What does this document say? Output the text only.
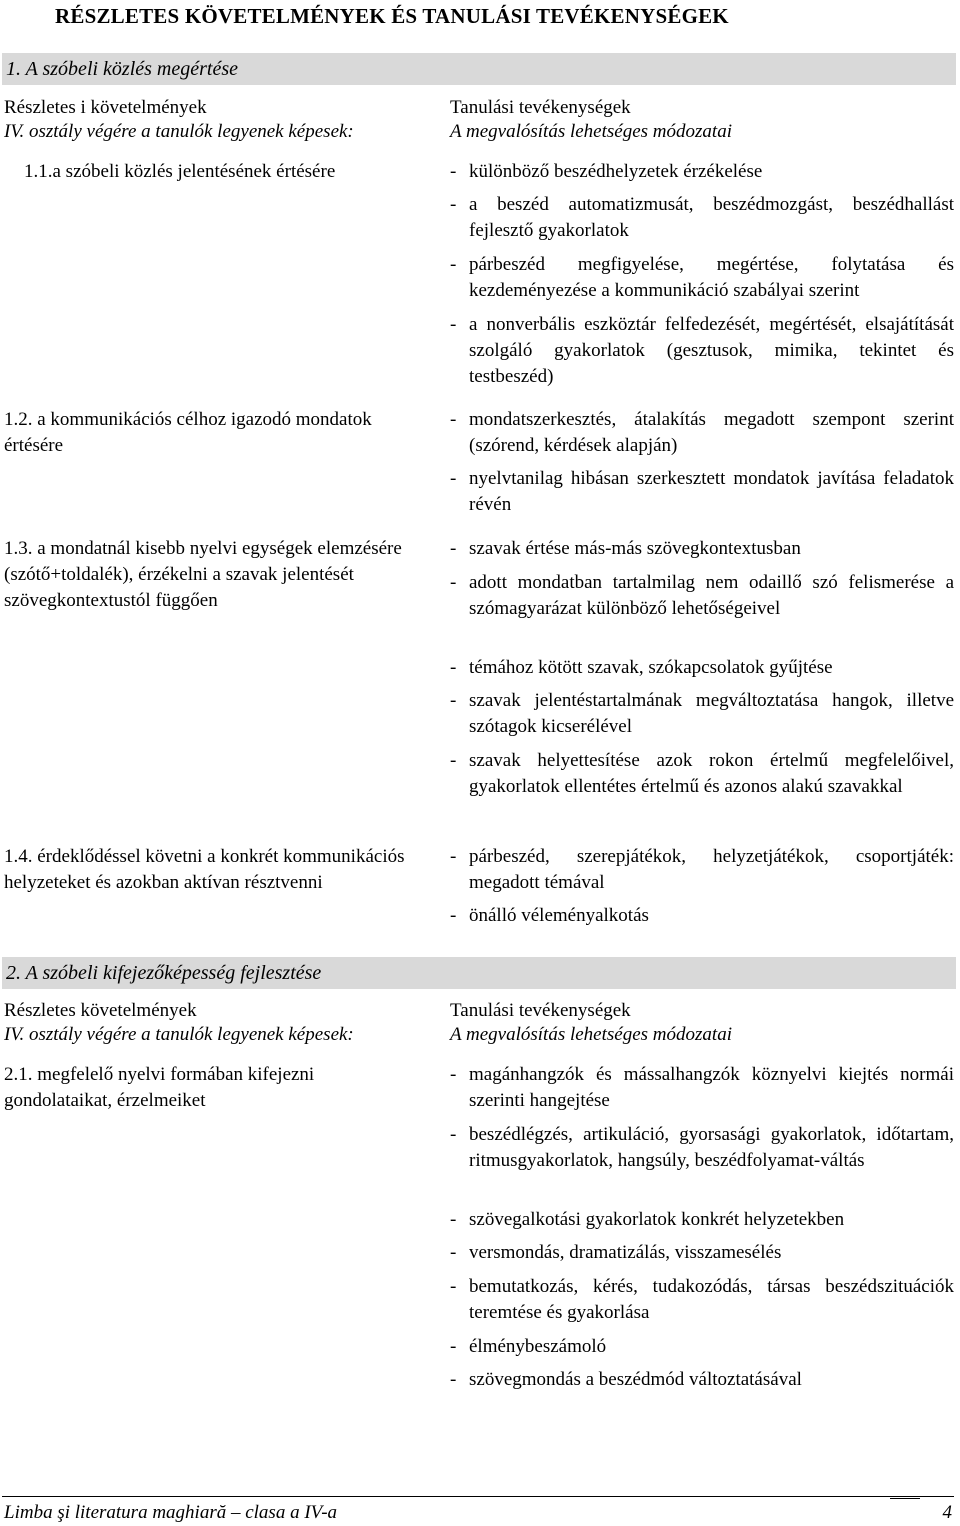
RÉSZLETES KÖVETELMÉNYEK ÉS TANULÁSI TEVÉKENYSÉGEK
1. A szóbeli közlés megértése
Részletes i követelmények
IV. osztály végére a tanulók legyenek képesek:
Tanulási tevékenységek
A megvalósítás lehetséges módozatai
1.1.a szóbeli közlés jelentésének értésére	- különböző beszédhelyzetek érzékelése
- a beszéd automatizmusát, beszédmozgást, beszédhallást fejlesztő gyakorlatok
- párbeszéd megfigyelése, megértése, folytatása és kezdeményezése a kommunikáció szabályai szerint
- a nonverbális eszköztár felfedezését, megértését, elsajátítását szolgáló gyakorlatok (gesztusok, mimika, tekintet és testbeszéd)
1.2. a kommunikációs célhoz igazodó mondatok értésére
- mondatszerkesztés, átalakítás megadott szempont szerint (szórend, kérdések alapján)
- nyelvtanilag hibásan szerkesztett mondatok javítása feladatok révén
1.3. a mondatnál kisebb nyelvi egységek elemzésére (szótő+toldalék), érzékelni a szavak jelentését szövegkontextustól függően
- szavak értése más-más szövegkontextusban
- adott mondatban tartalmilag nem odaillő szó felismerése a szómagyarázat különböző lehetőségeivel
- témához kötött szavak, szókapcsolatok gyűjtése
- szavak jelentéstartalmának megváltoztatása hangok, illetve szótagok kicserélével
- szavak helyettesítése azok rokon értelmű megfelelőivel, gyakorlatok ellentétes értelmű és azonos alakú szavakkal
1.4. érdeklődéssel követni a konkrét kommunikációs helyzeteket és azokban aktívan résztvenni
- párbeszéd, szerepjátékok, helyzetjátékok, csoportjáték: megadott témával
- önálló véleményalkotás
2. A szóbeli kifejezőképesség fejlesztése
Részletes követelmények
IV. osztály végére a tanulók legyenek képesek:
Tanulási tevékenységek
A megvalósítás lehetséges módozatai
2.1. megfelelő nyelvi formában kifejezni gondolataikat, érzelmeiket
- magánhangzók és mássalhangzók köznyelvi kiejtés normái szerinti hangejtése
- beszédlégzés, artikuláció, gyorsasági gyakorlatok, időtartam, ritmusgyakorlatok, hangsúly, beszédfolyamat-váltás
- szövegalkotási gyakorlatok konkrét helyzetekben
- versmondás, dramatizálás, visszamesélés
- bemutatkozás, kérés, tudakozódás, társas beszédszituációk teremtése és gyakorlása
- élménybeszámoló
- szövegmondás a beszédmód változtatásával
Limba şi literatura maghiară – clasa a IV-a	4
